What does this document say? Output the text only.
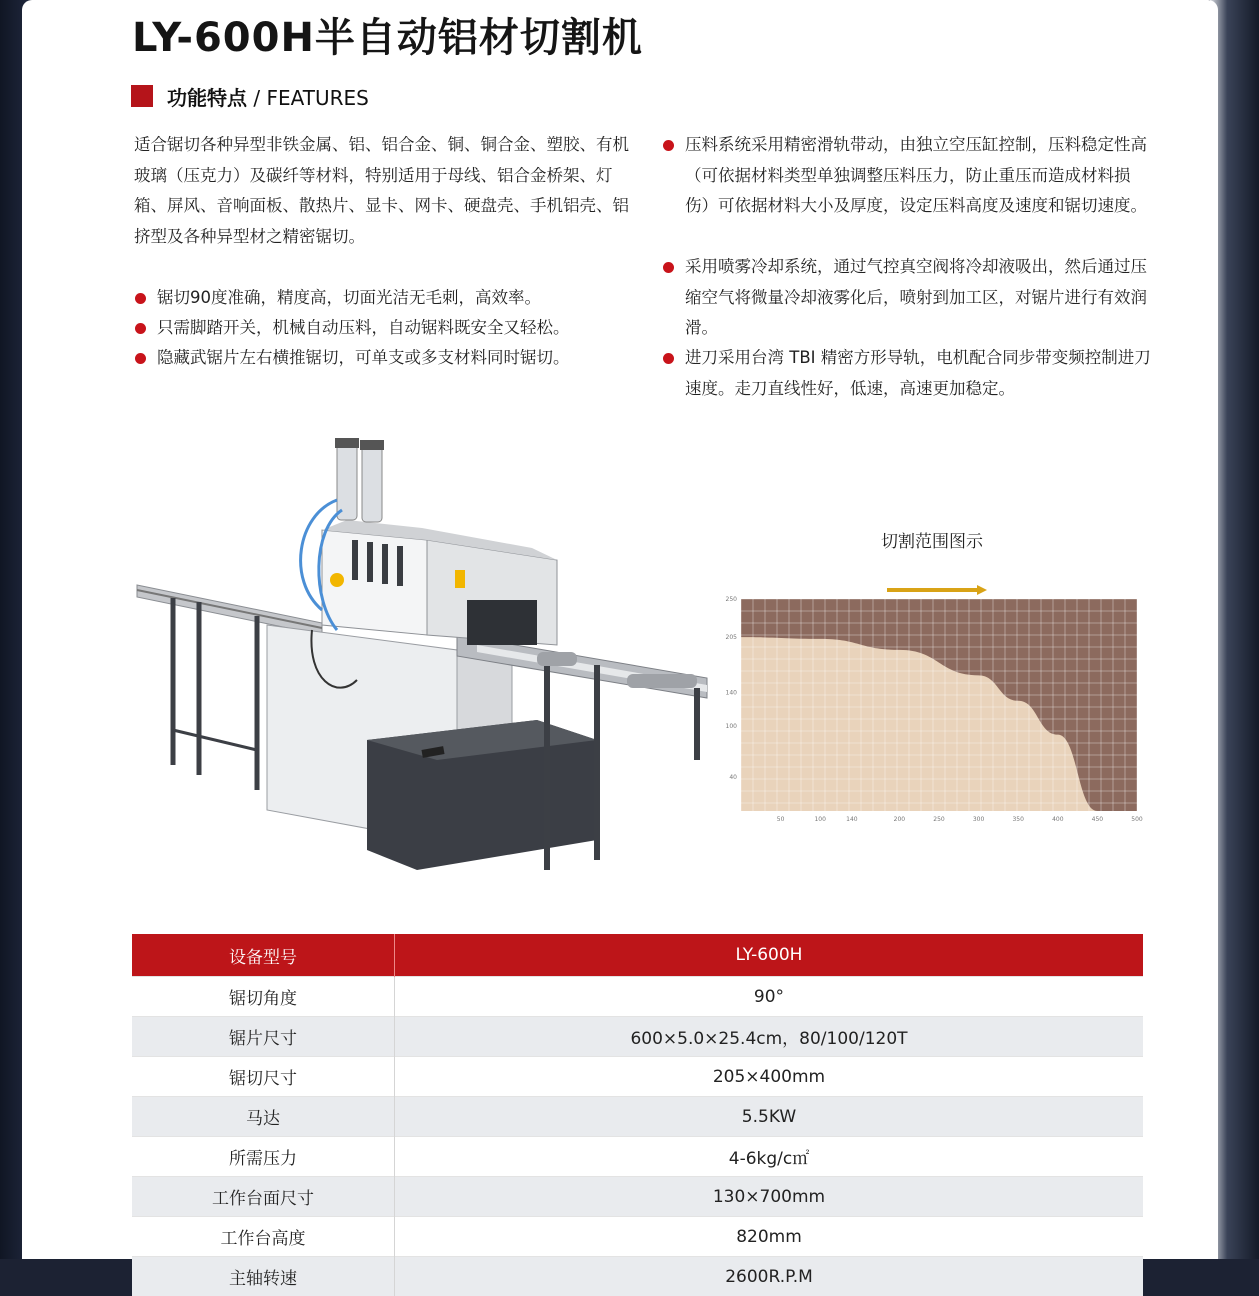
LY-600H半自动铝材切割机
功能特点 / FEATURES
适合锯切各种异型非铁金属、铝、铝合金、铜、铜合金、塑胶、有机玻璃（压克力）及碳纤等材料，特别适用于母线、铝合金桥架、灯箱、屏风、音响面板、散热片、显卡、网卡、硬盘壳、手机铝壳、铝挤型及各种异型材之精密锯切。
锯切90度准确，精度高，切面光洁无毛刺，高效率。
只需脚踏开关，机械自动压料，自动锯料既安全又轻松。
隐藏武锯片左右横推锯切，可单支或多支材料同时锯切。
压料系统采用精密滑轨带动，由独立空压缸控制，压料稳定性高（可依据材料类型单独调整压料压力，防止重压而造成材料损伤）可依据材料大小及厚度，设定压料高度及速度和锯切速度。
采用喷雾冷却系统，通过气控真空阀将冷却液吸出，然后通过压缩空气将微量冷却液雾化后，喷射到加工区，对锯片进行有效润滑。
进刀采用台湾 TBI 精密方形导轨，电机配合同步带变频控制进刀速度。走刀直线性好，低速，高速更加稳定。
切割范围图示
50	100	140	200	250	300	350	400	450	500
250
205
140
100
40
设备型号	LY-600H
锯切角度	90°
锯片尺寸	600×5.0×25.4cm，80/100/120T
锯切尺寸	205×400mm
马达	5.5KW
所需压力	4-6kg/c㎡
工作台面尺寸	130×700mm
工作台高度	820mm
主轴转速	2600R.P.M
